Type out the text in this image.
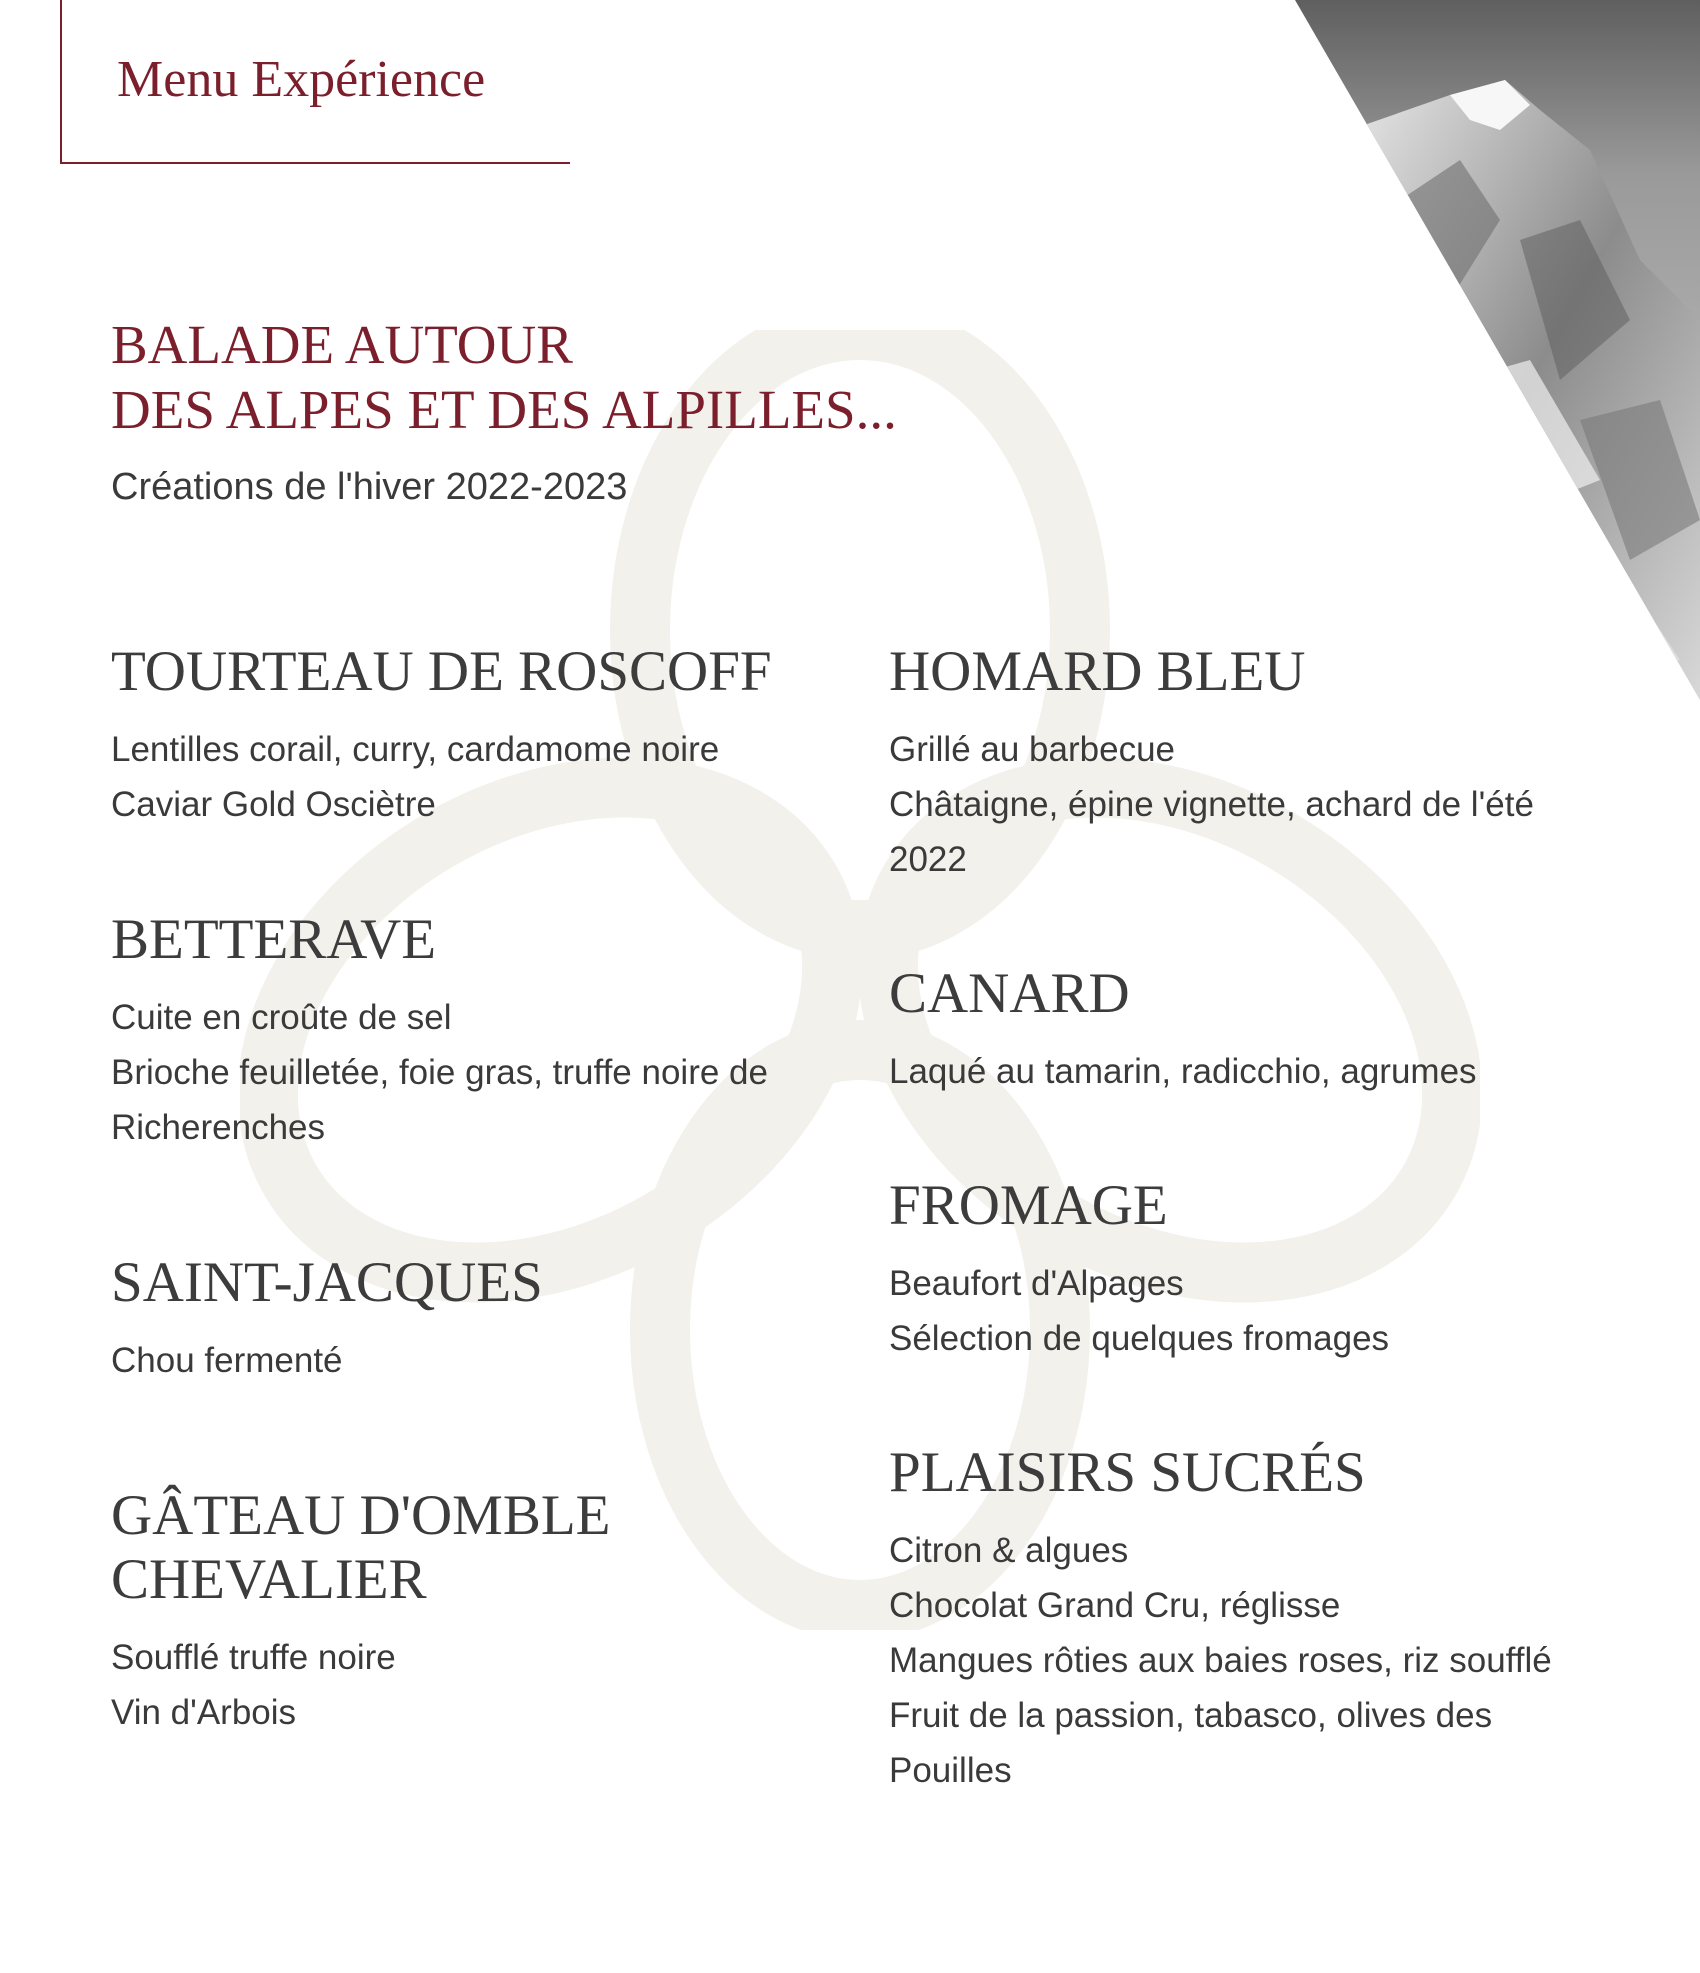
Menu Expérience
BALADE AUTOUR
DES ALPES ET DES ALPILLES...
Créations de l'hiver 2022-2023
TOURTEAU DE ROSCOFF
Lentilles corail, curry, cardamome noire
Caviar Gold Osciètre
BETTERAVE
Cuite en croûte de sel
Brioche feuilletée, foie gras, truffe noire de
Richerenches
SAINT-JACQUES
Chou fermenté
GÂTEAU D'OMBLE
CHEVALIER
Soufflé truffe noire
Vin d'Arbois
HOMARD BLEU
Grillé au barbecue
Châtaigne, épine vignette, achard de l'été
2022
CANARD
Laqué au tamarin, radicchio, agrumes
FROMAGE
Beaufort d'Alpages
Sélection de quelques fromages
PLAISIRS SUCRÉS
Citron & algues
Chocolat Grand Cru, réglisse
Mangues rôties aux baies roses, riz soufflé
Fruit de la passion, tabasco, olives des
Pouilles
